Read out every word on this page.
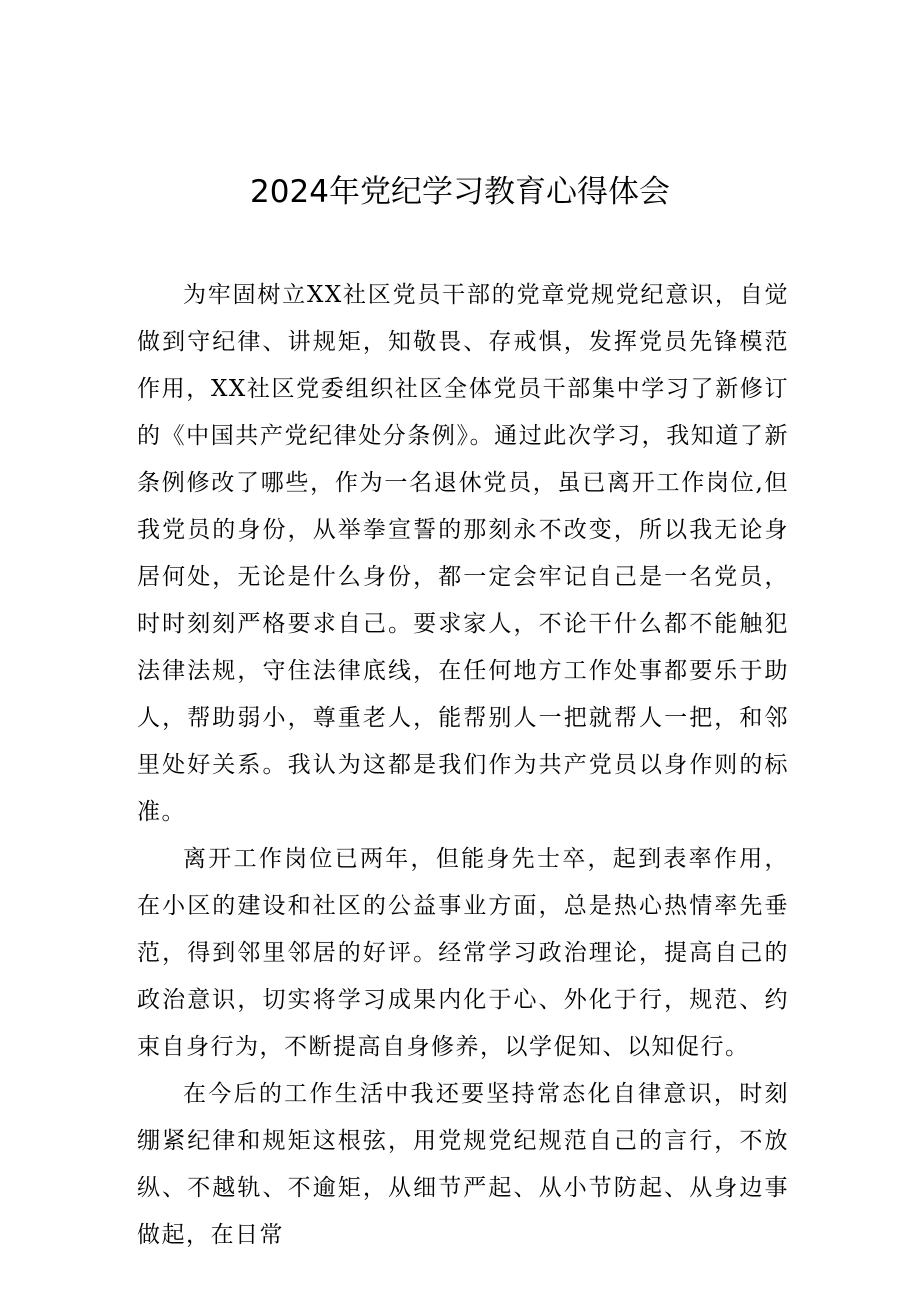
2024年党纪学习教育心得体会

为牢固树立XX社区党员干部的党章党规党纪意识，自觉做到守纪律、讲规矩，知敬畏、存戒惧，发挥党员先锋模范作用，XX社区党委组织社区全体党员干部集中学习了新修订的《中国共产党纪律处分条例》。通过此次学习，我知道了新条例修改了哪些，作为一名退休党员，虽已离开工作岗位,但我党员的身份，从举拳宣誓的那刻永不改变，所以我无论身居何处，无论是什么身份，都一定会牢记自己是一名党员，时时刻刻严格要求自己。要求家人，不论干什么都不能触犯法律法规，守住法律底线，在任何地方工作处事都要乐于助人，帮助弱小，尊重老人，能帮别人一把就帮人一把，和邻里处好关系。我认为这都是我们作为共产党员以身作则的标准。

离开工作岗位已两年，但能身先士卒，起到表率作用，在小区的建设和社区的公益事业方面，总是热心热情率先垂范，得到邻里邻居的好评。经常学习政治理论，提高自己的政治意识，切实将学习成果内化于心、外化于行，规范、约束自身行为，不断提高自身修养，以学促知、以知促行。

在今后的工作生活中我还要坚持常态化自律意识，时刻绷紧纪律和规矩这根弦，用党规党纪规范自己的言行，不放纵、不越轨、不逾矩，从细节严起、从小节防起、从身边事做起，在日常
